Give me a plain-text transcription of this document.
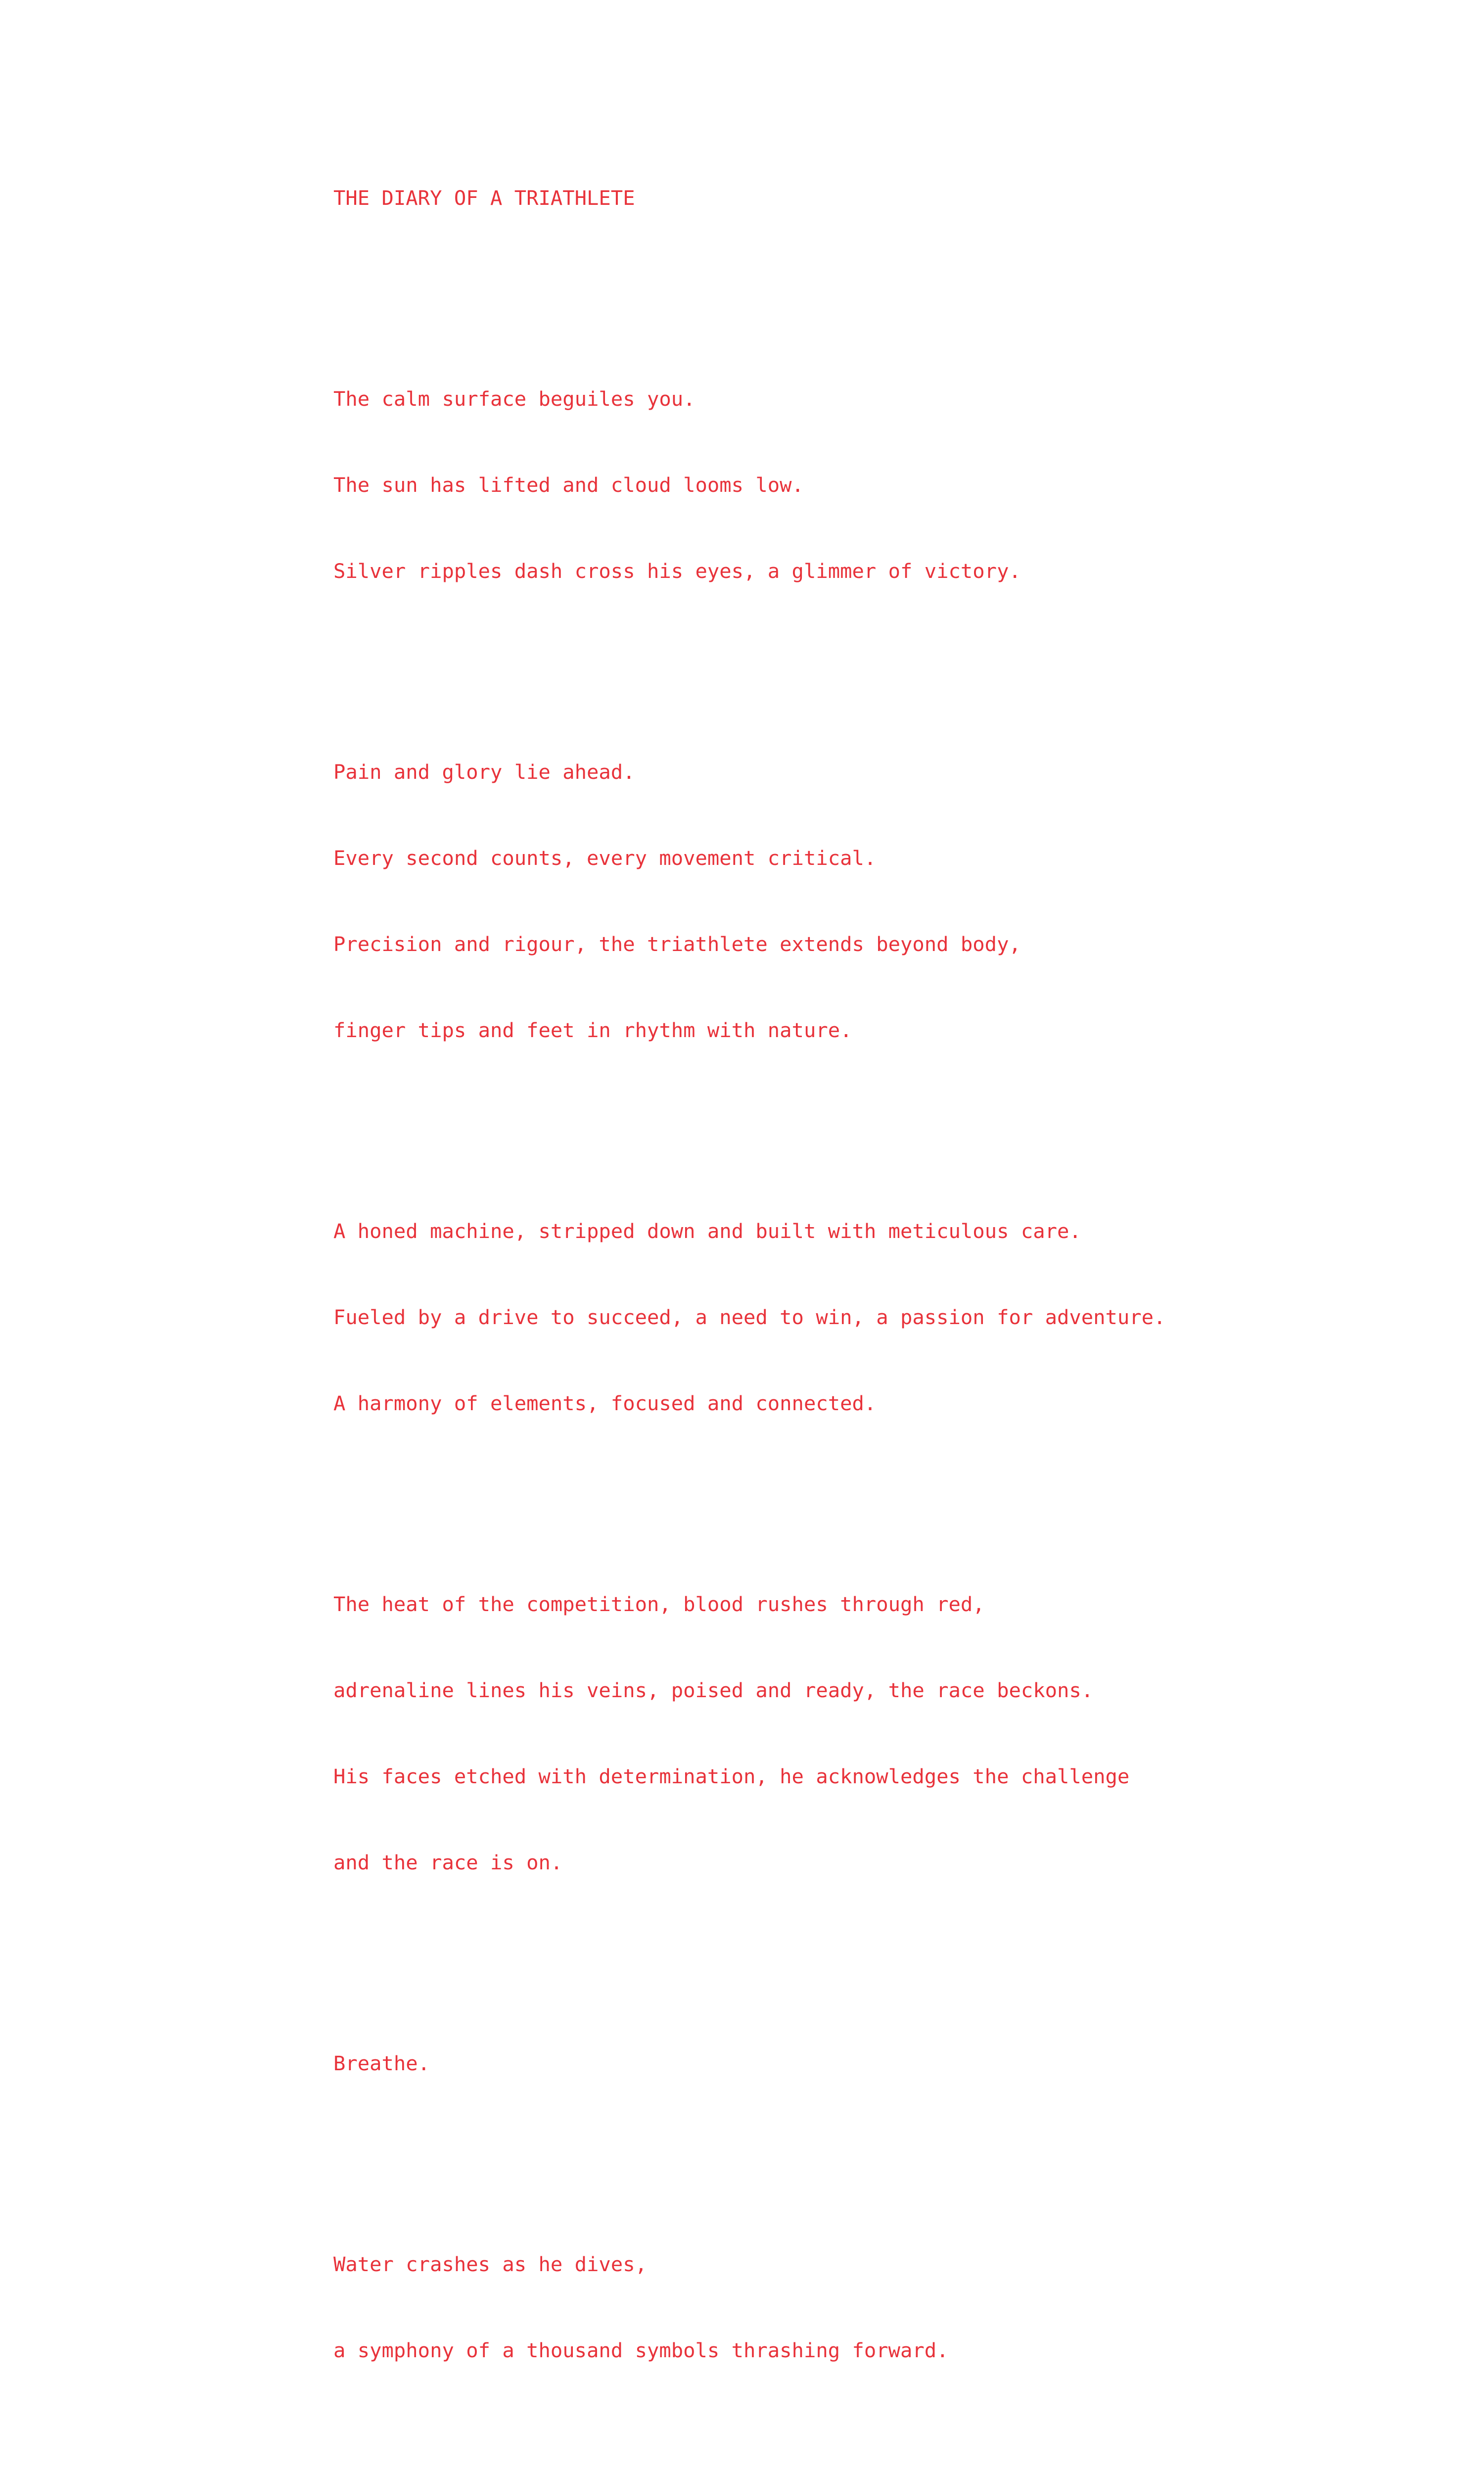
THE DIARY OF A TRIATHLETE

The calm surface beguiles you.

The sun has lifted and cloud looms low.

Silver ripples dash cross his eyes, a glimmer of victory.

Pain and glory lie ahead.

Every second counts, every movement critical.

Precision and rigour, the triathlete extends beyond body,

finger tips and feet in rhythm with nature.

A honed machine, stripped down and built with meticulous care.

Fueled by a drive to succeed, a need to win, a passion for adventure.

A harmony of elements, focused and connected.

The heat of the competition, blood rushes through red,

adrenaline lines his veins, poised and ready, the race beckons.

His faces etched with determination, he acknowledges the challenge

and the race is on.

Breathe.

Water crashes as he dives,

a symphony of a thousand symbols thrashing forward.
